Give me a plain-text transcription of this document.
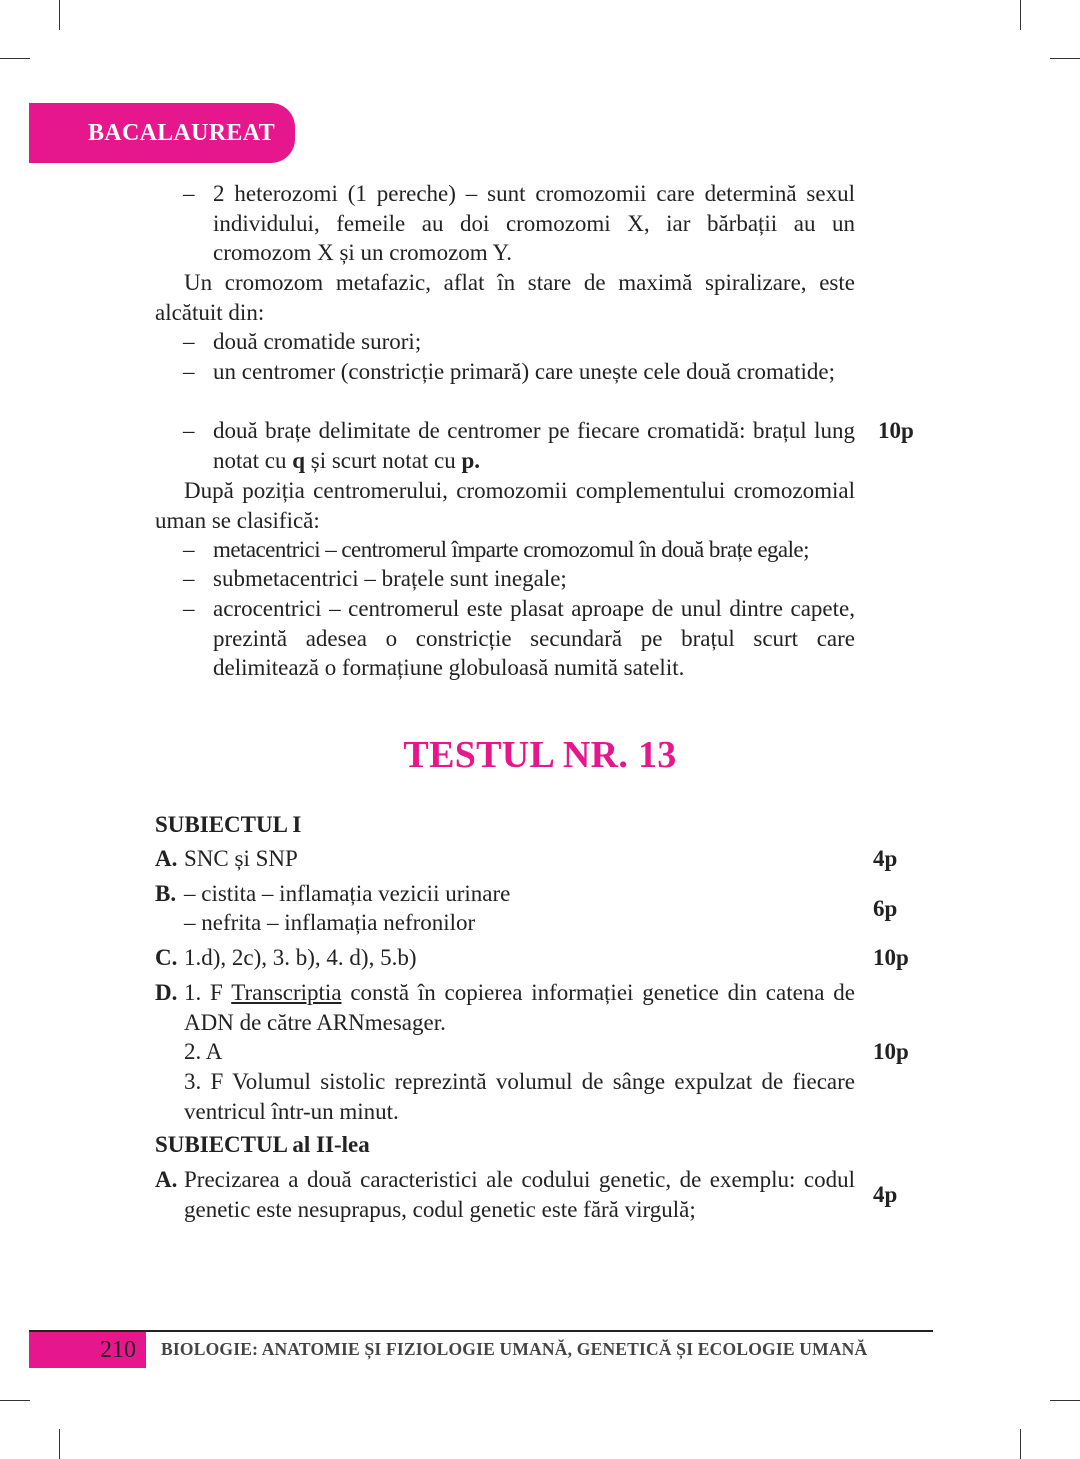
BACALAUREAT
– 2 heterozomi (1 pereche) – sunt cromozomii care determină sexul individului, femeile au doi cromozomi X, iar bărbații au un cromozom X și un cromozom Y.
Un cromozom metafazic, aflat în stare de maximă spiralizare, este alcătuit din:
– două cromatide surori;
– un centromer (constricție primară) care unește cele două cromatide;
– două brațe delimitate de centromer pe fiecare cromatidă: brațul lung notat cu q și scurt notat cu p.
10p
După poziția centromerului, cromozomii complementului cromozomial uman se clasifică:
– metacentrici – centromerul împarte cromozomul în două brațe egale;
– submetacentrici – brațele sunt inegale;
– acrocentrici – centromerul este plasat aproape de unul dintre capete, prezintă adesea o constricție secundară pe brațul scurt care delimitează o formațiune globuloasă numită satelit.
TESTUL NR. 13
SUBIECTUL I
A. SNC și SNP	4p
B. – cistita – inflamația vezicii urinare
– nefrita – inflamația nefronilor
6p
C. 1.d), 2c), 3. b), 4. d), 5.b)	10p
D. 1. F Transcriptia constă în copierea informației genetice din catena de ADN de către ARNmesager.
2. A
3. F Volumul sistolic reprezintă volumul de sânge expulzat de fiecare ventricul într-un minut.
10p
SUBIECTUL al II-lea
A. Precizarea a două caracteristici ale codului genetic, de exemplu: codul genetic este nesuprapus, codul genetic este fără virgulă;
4p
210 BIOLOGIE: ANATOMIE ȘI FIZIOLOGIE UMANĂ, GENETICĂ ȘI ECOLOGIE UMANĂ
